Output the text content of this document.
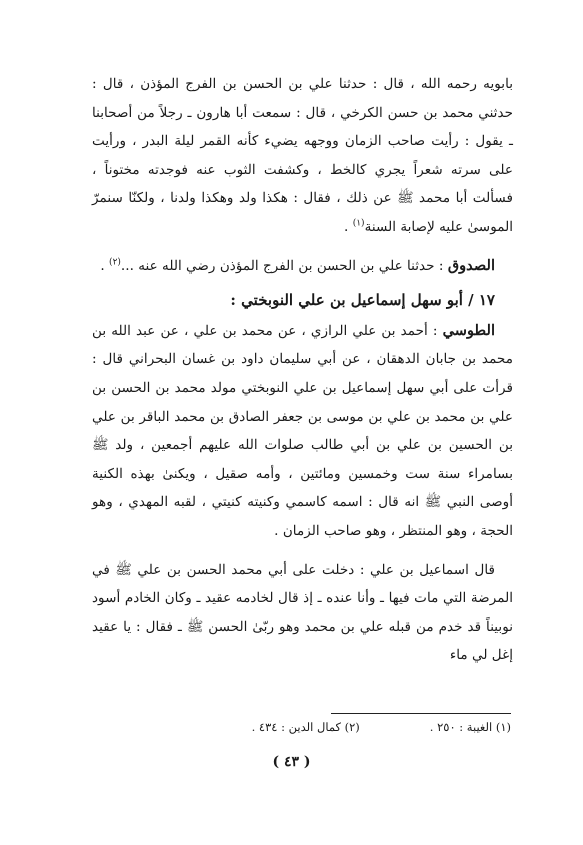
بابويه رحمه الله ، قال : حدثنا علي بن الحسن بن الفرج المؤذن ، قال : حدثني محمد بن حسن الكرخي ، قال : سمعت أبا هارون ـ رجلاً من أصحابنا ـ يقول : رأيت صاحب الزمان ووجهه يضيء كأنه القمر ليلة البدر ، ورأيت على سرته شعراً يجري كالخط ، وكشفت الثوب عنه فوجدته مختوناً ، فسألت أبا محمد ﷺ عن ذلك ، فقال : هكذا ولد وهكذا ولدنا ، ولكنّا سنمرّ الموسىٰ عليه لإصابة السنة$^{(١)}$ .

الصدوق : حدثنا علي بن الحسن بن الفرج المؤذن رضي الله عنه ...$^{(٢)}$ .

١٧ / أبو سهل إسماعيل بن علي النوبختي :

الطوسي : أحمد بن علي الرازي ، عن محمد بن علي ، عن عبد الله بن محمد بن جابان الدهقان ، عن أبي سليمان داود بن غسان البحراني قال : قرأت على أبي سهل إسماعيل بن علي النوبختي مولد محمد بن الحسن بن علي بن محمد بن علي بن موسى بن جعفر الصادق بن محمد الباقر بن علي بن الحسين بن علي بن أبي طالب صلوات الله عليهم أجمعين ، ولد ﷺ بسامراء سنة ست وخمسين ومائتين ، وأمه صقيل ، ويكنىٰ بهذه الكنية أوصى النبي ﷺ انه قال : اسمه كاسمي وكنيته كنيتي ، لقبه المهدي ، وهو الحجة ، وهو المنتظر ، وهو صاحب الزمان .

قال اسماعيل بن علي : دخلت على أبي محمد الحسن بن علي ﷺ في المرضة التي مات فيها ـ وأنا عنده ـ إذ قال لخادمه عقيد ـ وكان الخادم أسود نوبيناً قد خدم من قبله علي بن محمد وهو ربّىٰ الحسن ﷺ ـ فقال : يا عقيد إغل لي ماء

(١) الغيبة : ٢٥٠ .
(٢) كمال الدين : ٤٣٤ .
( ٤٣ )
